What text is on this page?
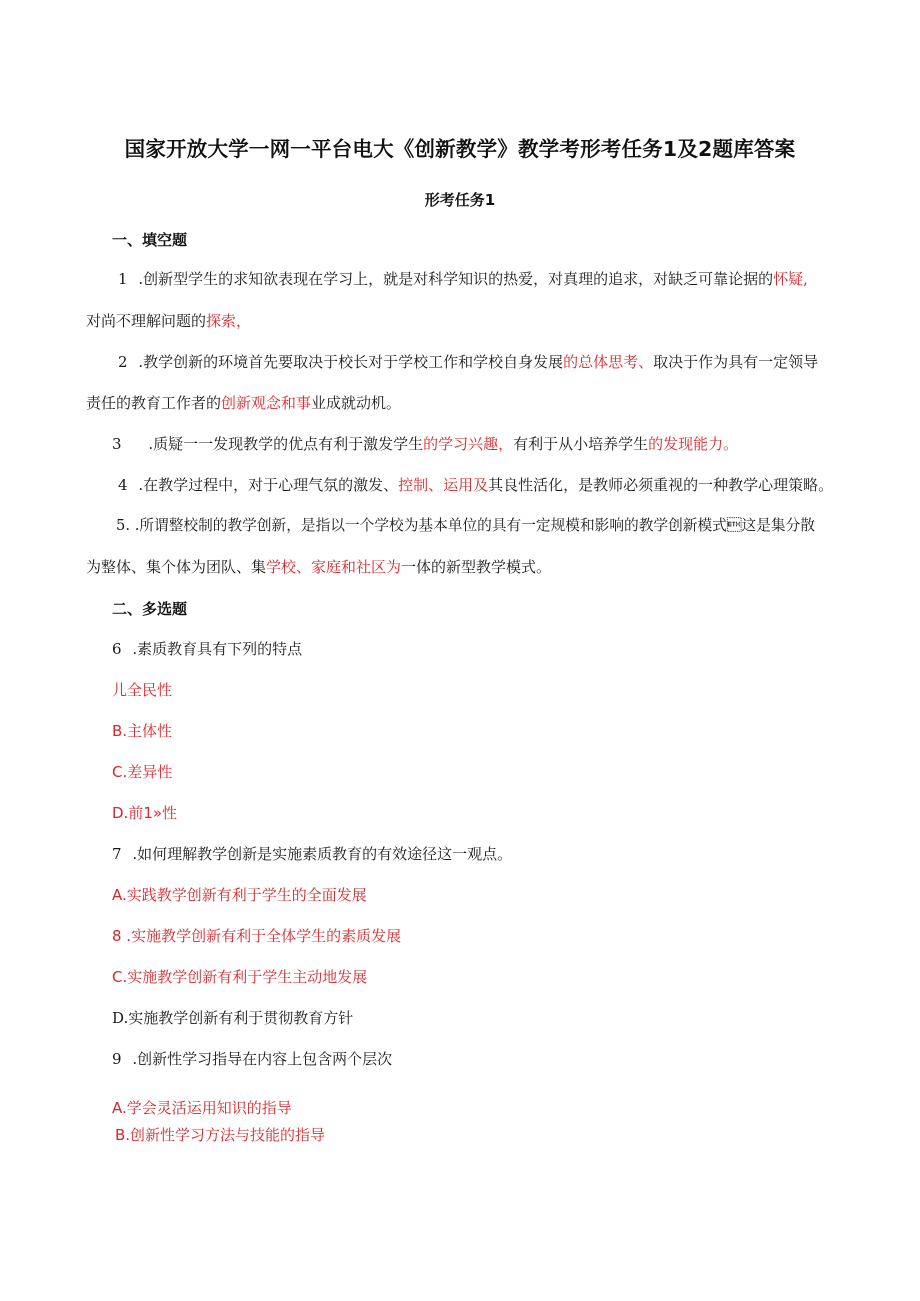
国家开放大学一网一平台电大《创新教学》教学考形考任务1及2题库答案
形考任务1
一、填空题
1 .创新型学生的求知欲表现在学习上，就是对科学知识的热爱，对真理的追求，对缺乏可靠论据的怀疑,
对尚不理解问题的探索，
2 .教学创新的环境首先要取决于校长对于学校工作和学校自身发展的总体思考、取决于作为具有一定领导
责任的教育工作者的创新观念和事业成就动机。
3 .质疑一一发现教学的优点有利于激发学生的学习兴趣，有利于从小培养学生的发现能力。
4 .在教学过程中，对于心理气氛的激发、控制、运用及其良性活化，是教师必须重视的一种教学心理策略。
5. .所谓整校制的教学创新，是指以一个学校为基本单位的具有一定规模和影响的教学创新模式这是集分散
为整体、集个体为团队、集学校、家庭和社区为一体的新型教学模式。
二、多选题
6 .素质教育具有下列的特点
儿全民性
B.主体性
C.差异性
D.前1»性
7 .如何理解教学创新是实施素质教育的有效途径这一观点。
A.实践教学创新有利于学生的全面发展
8 .实施教学创新有利于全体学生的素质发展
C.实施教学创新有利于学生主动地发展
D.实施教学创新有利于贯彻教育方针
9 .创新性学习指导在内容上包含两个层次
A.学会灵活运用知识的指导
B.创新性学习方法与技能的指导
